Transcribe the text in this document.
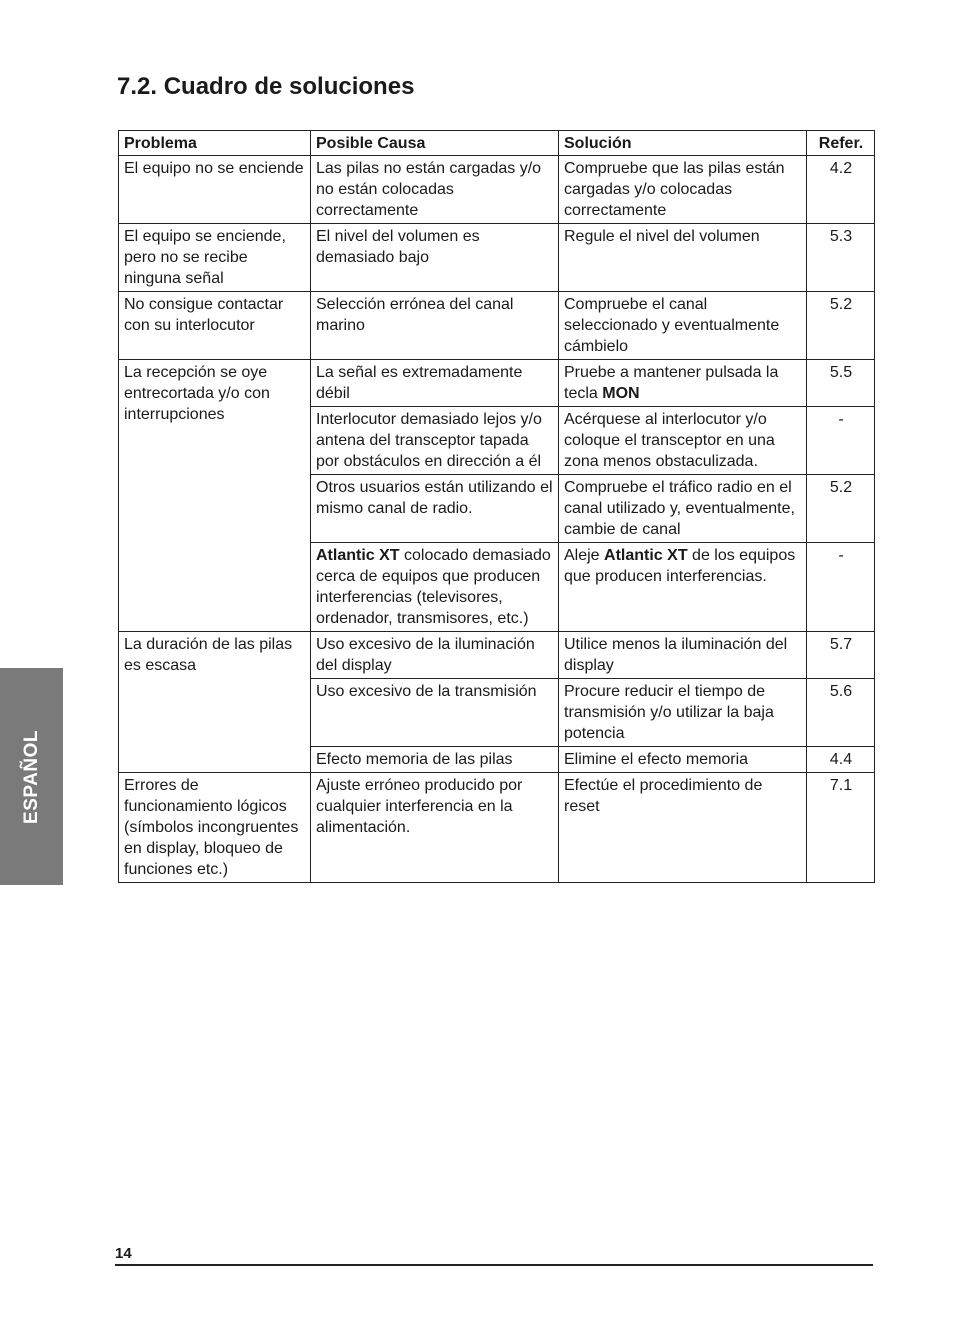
7.2. Cuadro de soluciones
ESPAÑOL
Problema	Posible Causa	Solución	Refer.
El equipo no se enciende	Las pilas no están cargadas y/o no están colocadas correctamente	Compruebe que las pilas están cargadas y/o colocadas correctamente	4.2
El equipo se enciende, pero no se recibe ninguna señal	El nivel del volumen es demasiado bajo	Regule el nivel del volumen	5.3
No consigue contactar con su interlocutor	Selección errónea del canal marino	Compruebe el canal seleccionado y eventualmente cámbielo	5.2
La recepción se oye entrecortada y/o con interrupciones	La señal es extremadamente débil	Pruebe a mantener pulsada la tecla MON	5.5
	Interlocutor demasiado lejos y/o antena del transceptor tapada por obstáculos en dirección a él	Acérquese al interlocutor y/o coloque el transceptor en una zona menos obstaculizada.	-
	Otros usuarios están utilizando el mismo canal de radio.	Compruebe el tráfico radio en el canal utilizado y, eventualmente, cambie de canal	5.2
	Atlantic XT colocado demasiado cerca de equipos que producen interferencias (televisores, ordenador, transmisores, etc.)	Aleje Atlantic XT de los equipos que producen interferencias.	-
La duración de las pilas es escasa	Uso excesivo de la iluminación del display	Utilice menos la iluminación del display	5.7
	Uso excesivo de la transmisión	Procure reducir el tiempo de transmisión y/o utilizar la baja potencia	5.6
	Efecto memoria de las pilas	Elimine el efecto memoria	4.4
Errores de funcionamiento lógicos (símbolos incongruentes en display, bloqueo de funciones etc.)	Ajuste erróneo producido por cualquier interferencia en la alimentación.	Efectúe el procedimiento de reset	7.1
14
